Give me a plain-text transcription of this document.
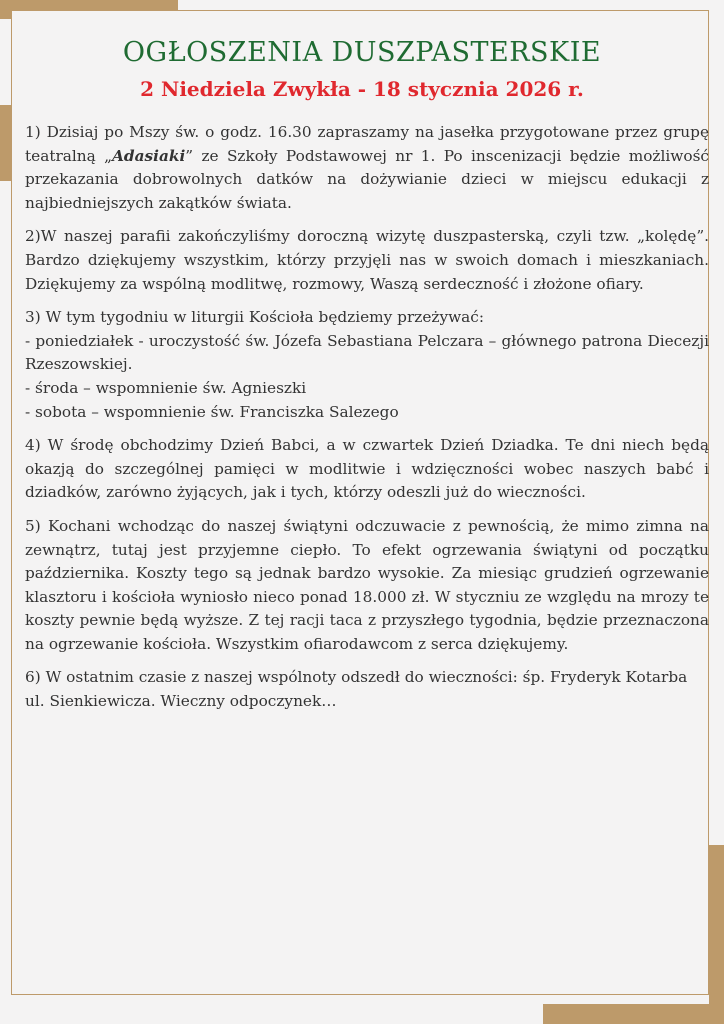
OGŁOSZENIA DUSZPASTERSKIE
2 Niedziela Zwykła - 18 stycznia 2026 r.

1) Dzisiaj po Mszy św. o godz. 16.30 zapraszamy na jasełka przygotowane przez grupę teatralną „Adasiaki” ze Szkoły Podstawowej nr 1. Po inscenizacji będzie możliwość przekazania dobrowolnych datków na dożywianie dzieci w miejscu edukacji z najbiedniejszych zakątków świata.

2)W naszej parafii zakończyliśmy doroczną wizytę duszpasterską, czyli tzw. „kolędę”. Bardzo dziękujemy wszystkim, którzy przyjęli nas w swoich domach i mieszkaniach. Dziękujemy za wspólną modlitwę, rozmowy, Waszą serdeczność i złożone ofiary.

3) W tym tygodniu w liturgii Kościoła będziemy przeżywać:
- poniedziałek - uroczystość św. Józefa Sebastiana Pelczara – głównego patrona Diecezji Rzeszowskiej.
- środa – wspomnienie św. Agnieszki
- sobota – wspomnienie św. Franciszka Salezego

4) W środę obchodzimy Dzień Babci, a w czwartek Dzień Dziadka. Te dni niech będą okazją do szczególnej pamięci w modlitwie i wdzięczności wobec naszych babć i dziadków, zarówno żyjących, jak i tych, którzy odeszli już do wieczności.

5) Kochani wchodząc do naszej świątyni odczuwacie z pewnością, że mimo zimna na zewnątrz, tutaj jest przyjemne ciepło. To efekt ogrzewania świątyni od początku października. Koszty tego są jednak bardzo wysokie. Za miesiąc grudzień ogrzewanie klasztoru i kościoła wyniosło nieco ponad 18.000 zł. W styczniu ze względu na mrozy te koszty pewnie będą wyższe. Z tej racji taca z przyszłego tygodnia, będzie przeznaczona na ogrzewanie kościoła. Wszystkim ofiarodawcom z serca dziękujemy.

6) W ostatnim czasie z naszej wspólnoty odszedł do wieczności: śp. Fryderyk Kotarba ul. Sienkiewicza. Wieczny odpoczynek…
